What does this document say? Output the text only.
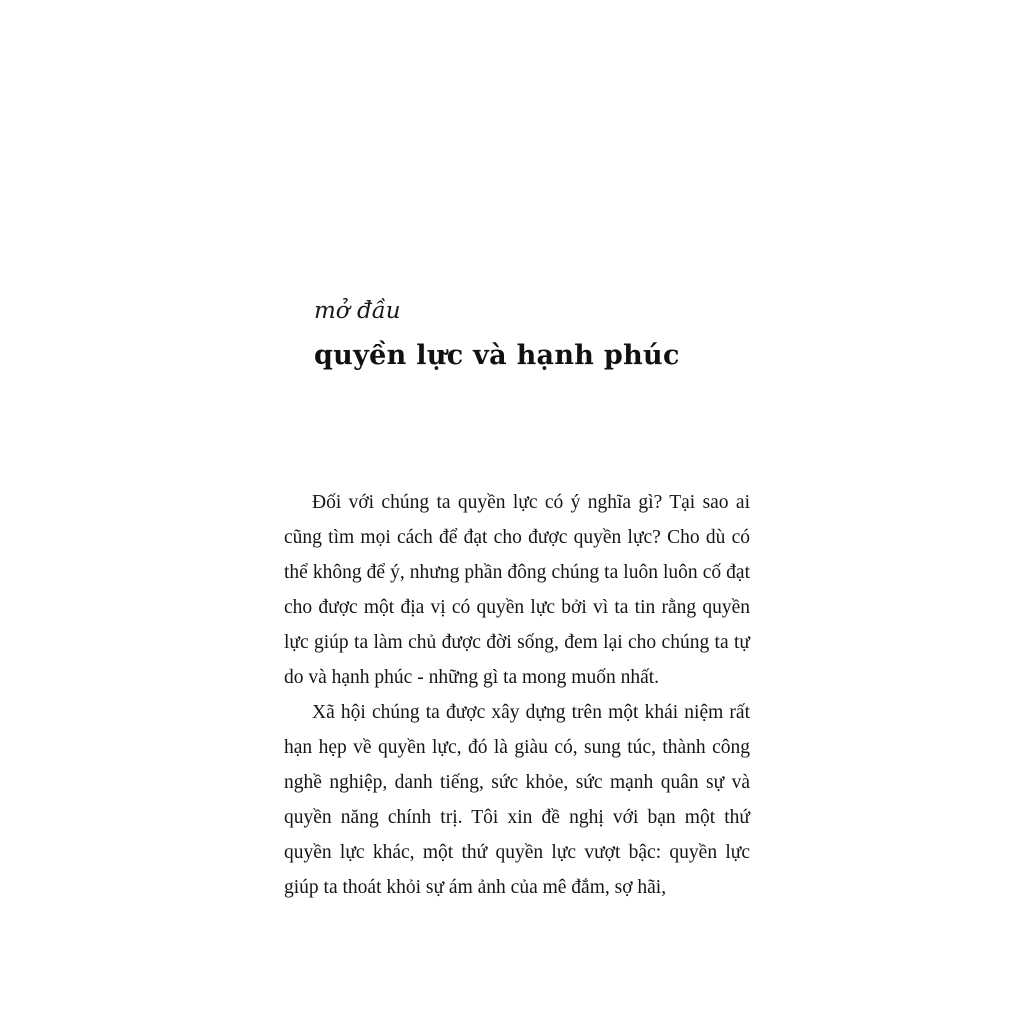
mở đầu
quyền lực và hạnh phúc

Đối với chúng ta quyền lực có ý nghĩa gì? Tại sao ai cũng tìm mọi cách để đạt cho được quyền lực? Cho dù có thể không để ý, nhưng phần đông chúng ta luôn luôn cố đạt cho được một địa vị có quyền lực bởi vì ta tin rằng quyền lực giúp ta làm chủ được đời sống, đem lại cho chúng ta tự do và hạnh phúc - những gì ta mong muốn nhất.

Xã hội chúng ta được xây dựng trên một khái niệm rất hạn hẹp về quyền lực, đó là giàu có, sung túc, thành công nghề nghiệp, danh tiếng, sức khỏe, sức mạnh quân sự và quyền năng chính trị. Tôi xin đề nghị với bạn một thứ quyền lực khác, một thứ quyền lực vượt bậc: quyền lực giúp ta thoát khỏi sự ám ảnh của mê đắm, sợ hãi,
